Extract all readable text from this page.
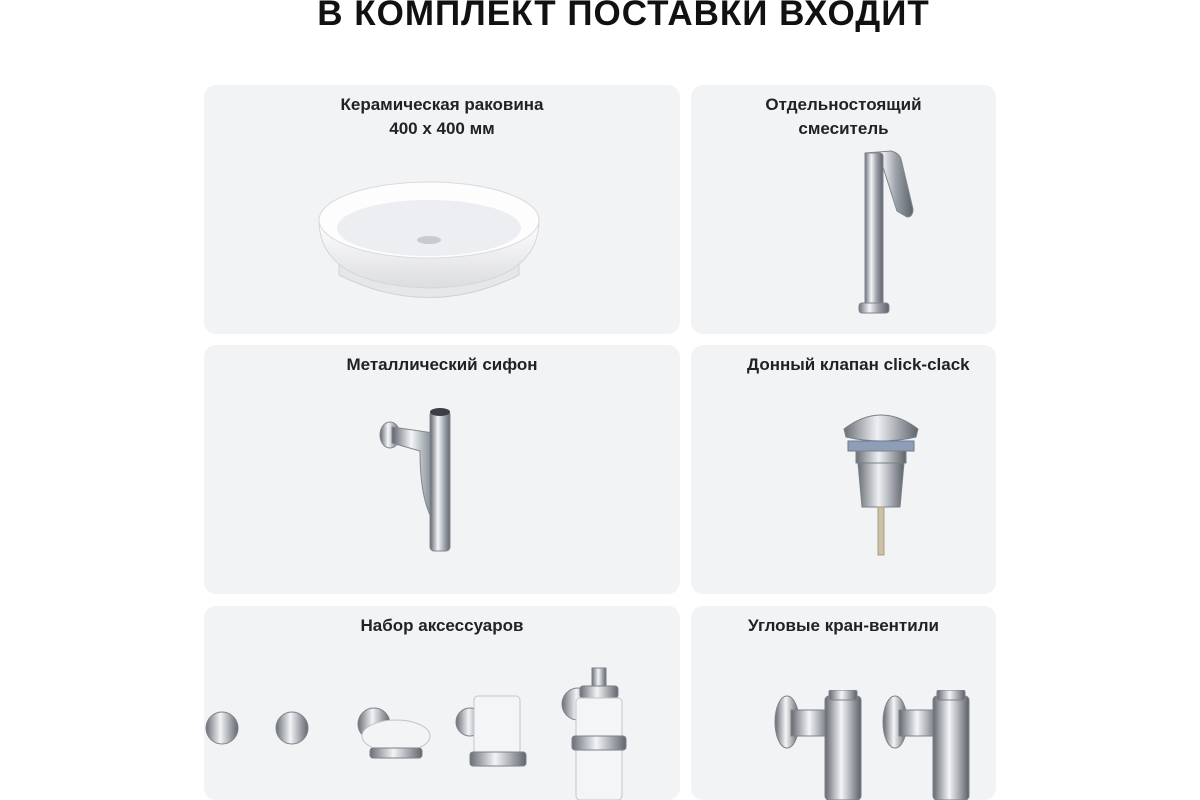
В КОМПЛЕКТ ПОСТАВКИ ВХОДИТ
Керамическая раковина
400 x 400 мм
Отдельностоящий
смеситель
Металлический сифон	Донный клапан click-clack
Набор аксессуаров	Угловые кран-вентили
